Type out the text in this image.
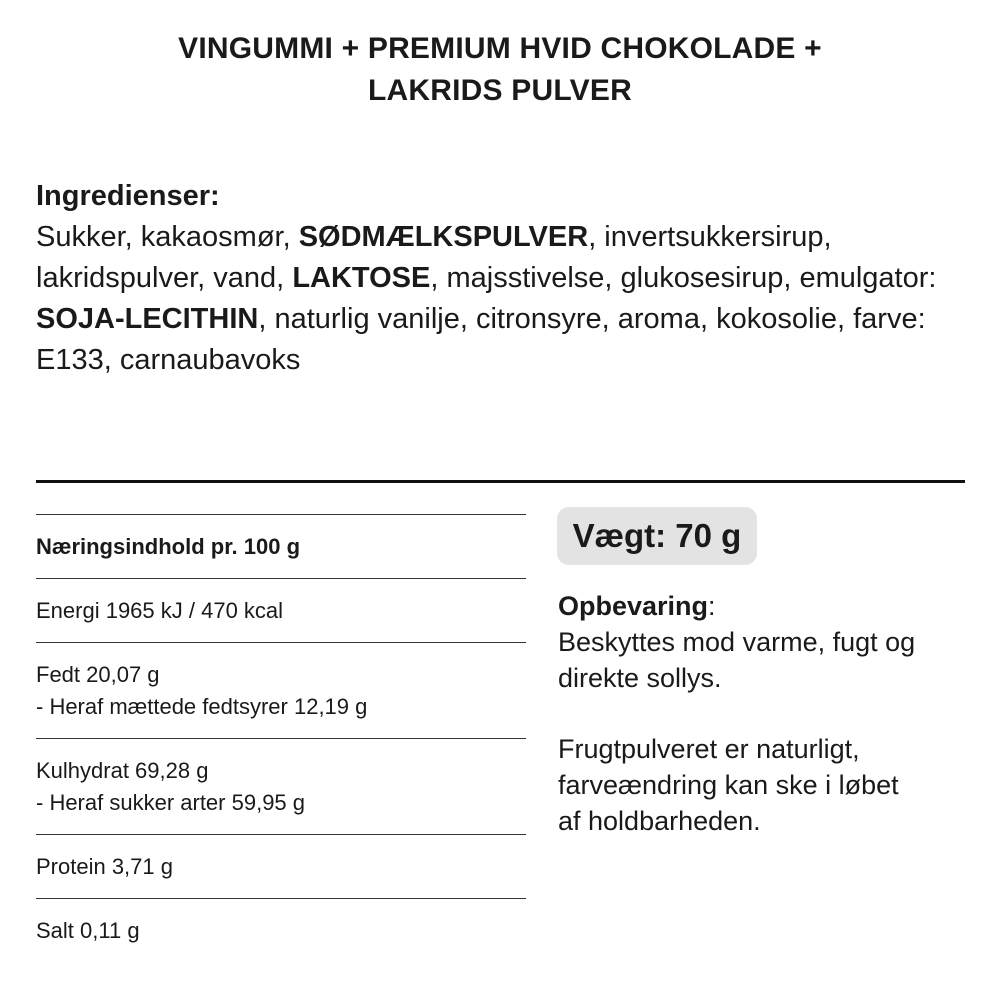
VINGUMMI + PREMIUM HVID CHOKOLADE +
LAKRIDS PULVER
Ingredienser:
Sukker, kakaosmør, SØDMÆLKSPULVER, invertsukkersirup, lakridspulver, vand, LAKTOSE, majsstivelse, glukosesirup, emulgator: SOJA-LECITHIN, naturlig vanilje, citronsyre, aroma, kokosolie, farve: E133, carnaubavoks
Næringsindhold pr. 100 g
Energi 1965 kJ / 470 kcal
Fedt 20,07 g
- Heraf mættede fedtsyrer 12,19 g
Kulhydrat 69,28 g
- Heraf sukker arter 59,95 g
Protein 3,71 g
Salt 0,11 g
Vægt: 70 g
Opbevaring:
Beskyttes mod varme, fugt og
direkte sollys.
Frugtpulveret er naturligt,
farveændring kan ske i løbet
af holdbarheden.
